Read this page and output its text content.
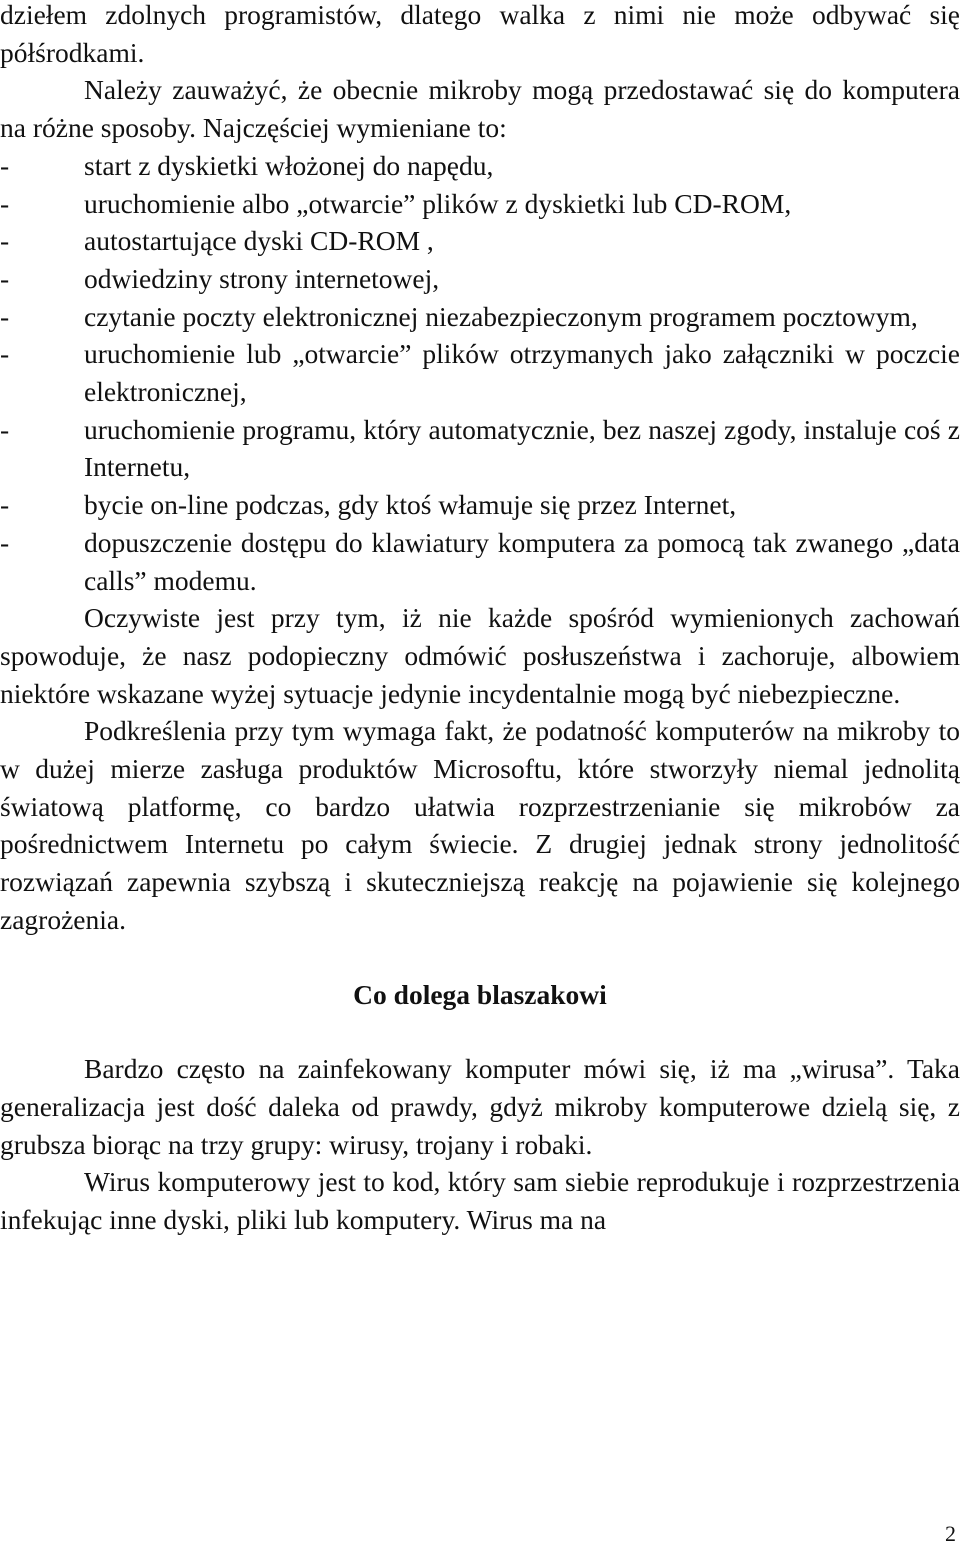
dziełem zdolnych programistów, dlatego walka z nimi nie może odbywać się półśrodkami.

Należy zauważyć, że obecnie mikroby mogą przedostawać się do komputera na różne sposoby. Najczęściej wymieniane to:

-	start z dyskietki włożonej do napędu,
-	uruchomienie albo „otwarcie” plików z dyskietki lub CD-ROM,
-	autostartujące dyski CD-ROM ,
-	odwiedziny strony internetowej,
-	czytanie poczty elektronicznej niezabezpieczonym programem pocztowym,
-	uruchomienie lub „otwarcie” plików otrzymanych jako załączniki w poczcie elektronicznej,
-	uruchomienie programu, który automatycznie, bez naszej zgody, instaluje coś z Internetu,
-	bycie on-line podczas, gdy ktoś włamuje się przez Internet,
-	dopuszczenie dostępu do klawiatury komputera za pomocą tak zwanego „data calls” modemu.

Oczywiste jest przy tym, iż nie każde spośród wymienionych zachowań spowoduje, że nasz podopieczny odmówić posłuszeństwa i zachoruje, albowiem niektóre wskazane wyżej sytuacje jedynie incydentalnie mogą być niebezpieczne.

Podkreślenia przy tym wymaga fakt, że podatność komputerów na mikroby to w dużej mierze zasługa produktów Microsoftu, które stworzyły niemal jednolitą światową platformę, co bardzo ułatwia rozprzestrzenianie się mikrobów za pośrednictwem Internetu po całym świecie. Z drugiej jednak strony jednolitość rozwiązań zapewnia szybszą i skuteczniejszą reakcję na pojawienie się kolejnego zagrożenia.

Co dolega blaszakowi

Bardzo często na zainfekowany komputer mówi się, iż ma „wirusa”. Taka generalizacja jest dość daleka od prawdy, gdyż mikroby komputerowe dzielą się, z grubsza biorąc na trzy grupy: wirusy, trojany i robaki.

Wirus komputerowy jest to kod, który sam siebie reprodukuje i rozprzestrzenia infekując inne dyski, pliki lub komputery. Wirus ma na

2
